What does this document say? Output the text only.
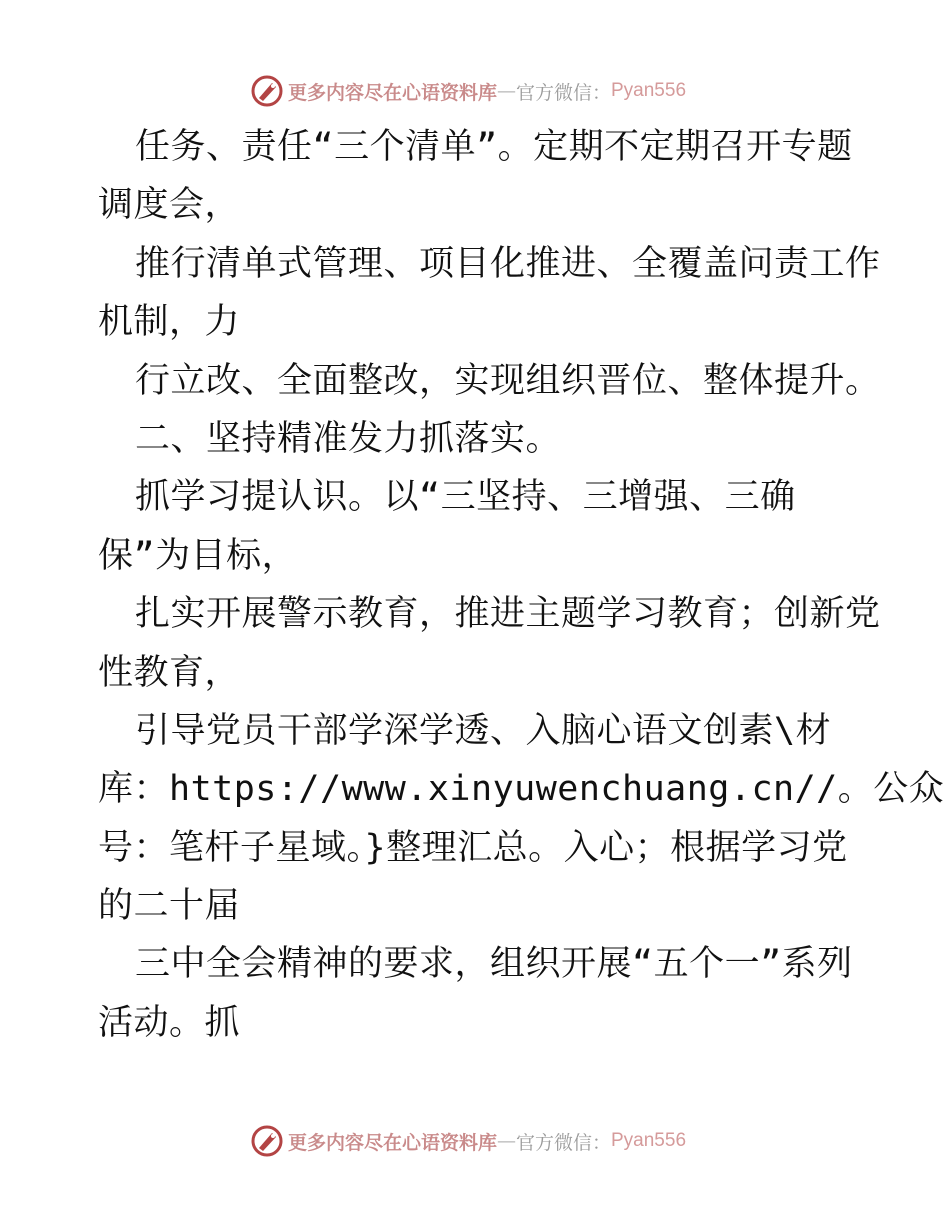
更多内容尽在心语资料库 — 官方微信： Pyan556
任务、责任“三个清单”。定期不定期召开专题
调度会，
推行清单式管理、项目化推进、全覆盖问责工作
机制，力
行立改、全面整改，实现组织晋位、整体提升。
二、坚持精准发力抓落实。
抓学习提认识。以“三坚持、三增强、三确
保”为目标，
扎实开展警示教育，推进主题学习教育；创新党
性教育，
引导党员干部学深学透、入脑心语文创素\材
库：https://www.xinyuwenchuang.cn//。公众
号：笔杆子星域。}整理汇总。入心；根据学习党
的二十届
三中全会精神的要求，组织开展“五个一”系列
活动。抓
更多内容尽在心语资料库 — 官方微信： Pyan556
